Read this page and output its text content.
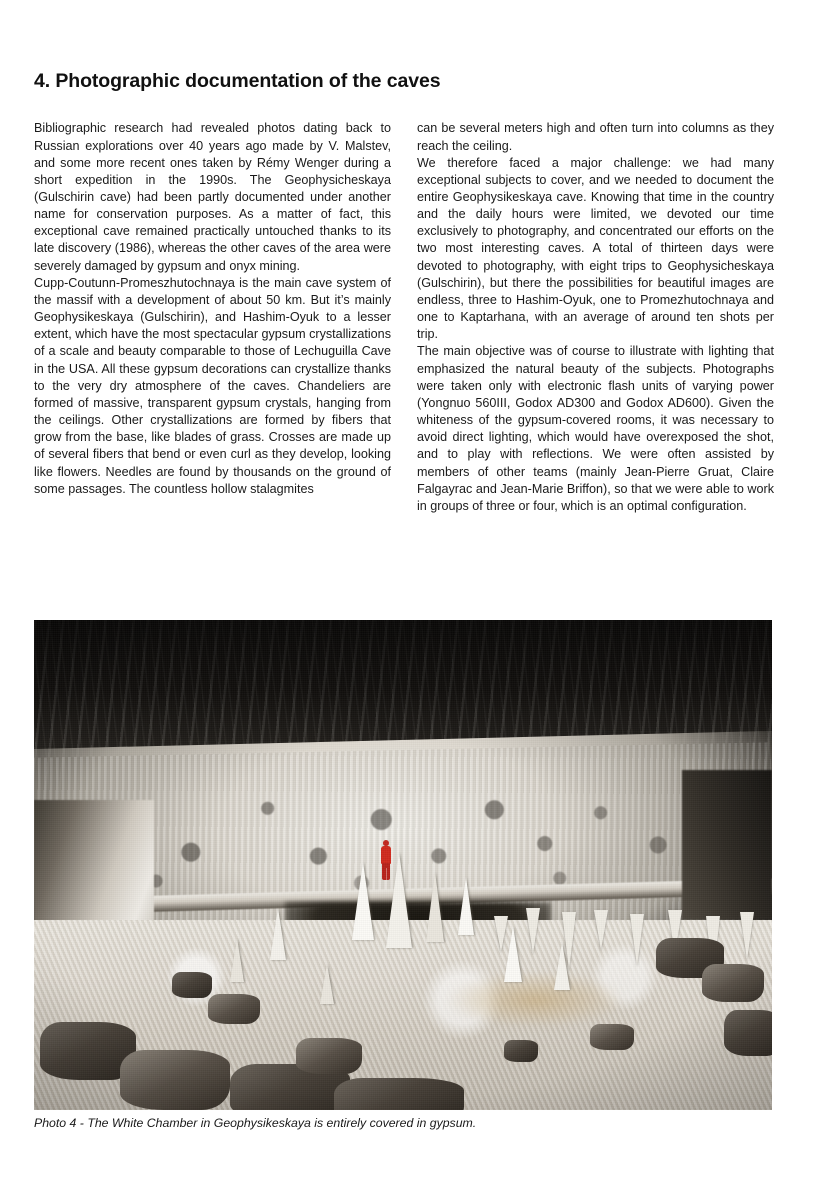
4. Photographic documentation of the caves

Bibliographic research had revealed photos dating back to Russian explorations over 40 years ago made by V. Malstev, and some more recent ones taken by Rémy Wenger during a short expedition in the 1990s. The Geophysicheskaya (Gulschirin cave) had been partly documented under another name for conservation purposes. As a matter of fact, this exceptional cave remained practically untouched thanks to its late discovery (1986), whereas the other caves of the area were severely damaged by gypsum and onyx mining.

Cupp-Coutunn-Promeszhutochnaya is the main cave system of the massif with a development of about 50 km. But it’s mainly Geophysikeskaya (Gulschirin), and Hashim-Oyuk to a lesser extent, which have the most spectacular gypsum crystallizations of a scale and beauty comparable to those of Lechuguilla Cave in the USA. All these gypsum decorations can crystallize thanks to the very dry atmosphere of the caves. Chandeliers are formed of massive, transparent gypsum crystals, hanging from the ceilings. Other crystallizations are formed by fibers that grow from the base, like blades of grass. Crosses are made up of several fibers that bend or even curl as they develop, looking like flowers. Needles are found by thousands on the ground of some passages. The countless hollow stalagmites

can be several meters high and often turn into columns as they reach the ceiling.

We therefore faced a major challenge: we had many exceptional subjects to cover, and we needed to document the entire Geophysikeskaya cave. Knowing that time in the country and the daily hours were limited, we devoted our time exclusively to photography, and concentrated our efforts on the two most interesting caves. A total of thirteen days were devoted to photography, with eight trips to Geophysicheskaya (Gulschirin), but there the possibilities for beautiful images are endless, three to Hashim-Oyuk, one to Promezhutochnaya and one to Kaptarhana, with an average of around ten shots per trip.

The main objective was of course to illustrate with lighting that emphasized the natural beauty of the subjects. Photographs were taken only with electronic flash units of varying power (Yongnuo 560III, Godox AD300 and Godox AD600). Given the whiteness of the gypsum-covered rooms, it was necessary to avoid direct lighting, which would have overexposed the shot, and to play with reflections. We were often assisted by members of other teams (mainly Jean-Pierre Gruat, Claire Falgayrac and Jean-Marie Briffon), so that we were able to work in groups of three or four, which is an optimal configuration.

Photo 4 - The White Chamber in Geophysikeskaya is entirely covered in gypsum.
